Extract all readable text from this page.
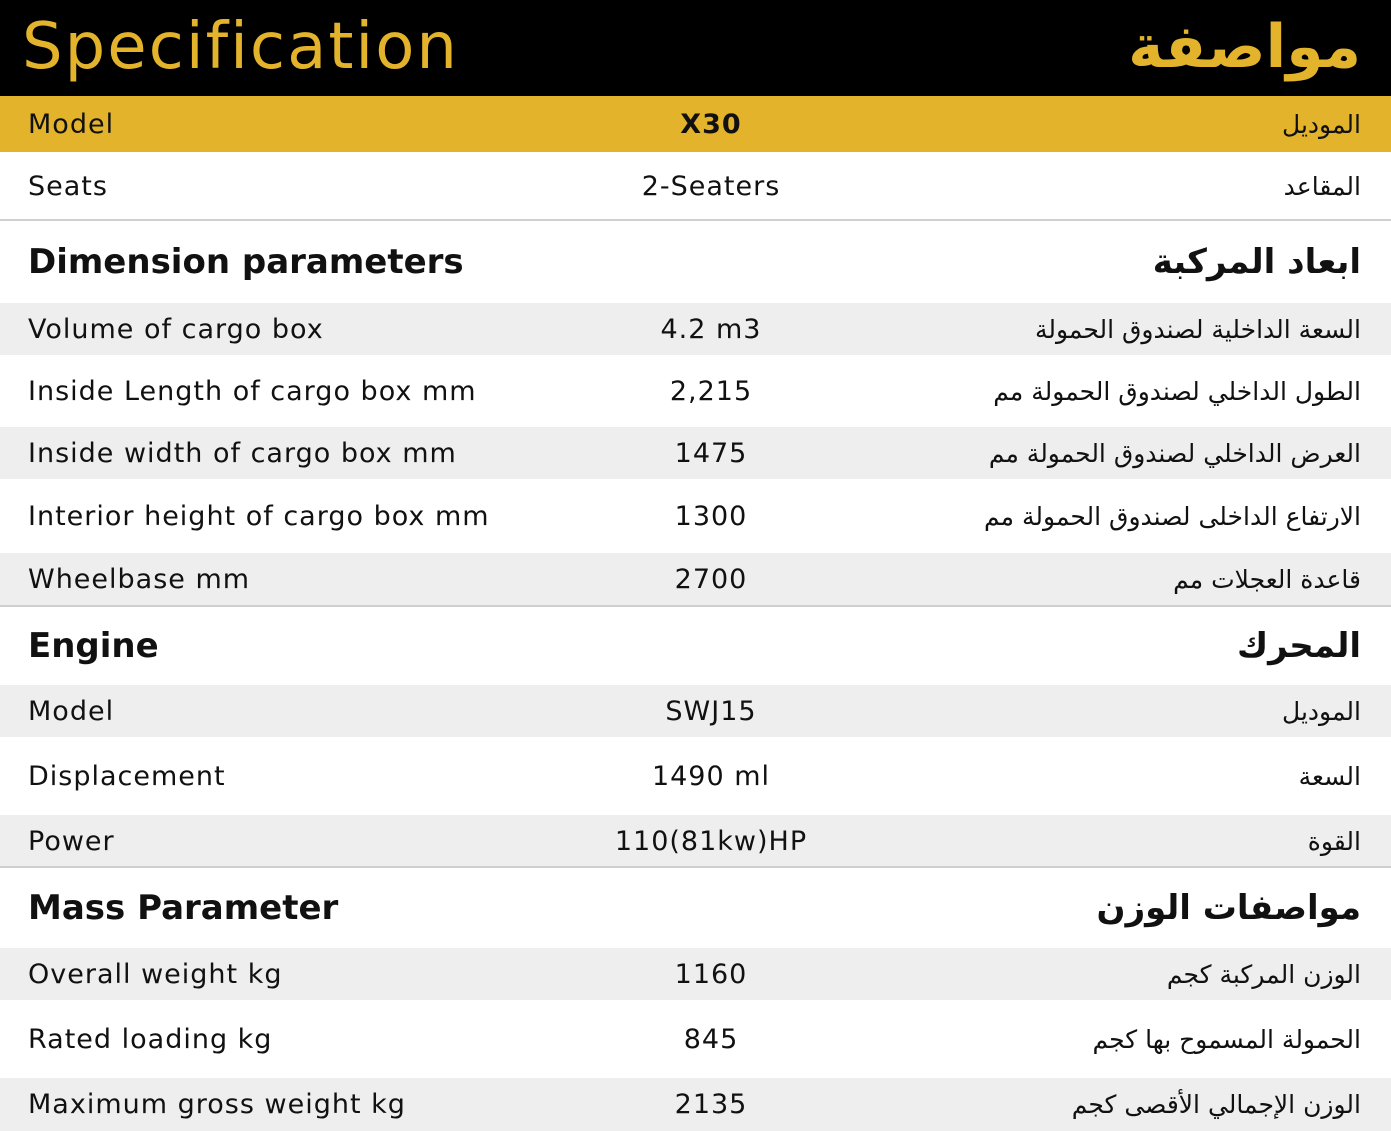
Specification	مواصفة
Model	X30	الموديل
Seats	2-Seaters	المقاعد
Dimension parameters	ابعاد المركبة
Volume of cargo box	4.2 m3	السعة الداخلية لصندوق الحمولة
Inside Length of cargo box mm	2,215	الطول الداخلي لصندوق الحمولة مم
Inside width of cargo box mm	1475	العرض الداخلي لصندوق الحمولة مم
Interior height of cargo box mm	1300	الارتفاع الداخلى لصندوق الحمولة مم
Wheelbase mm	2700	قاعدة العجلات مم
Engine	المحرك
Model	SWJ15	الموديل
Displacement	1490 ml	السعة
Power	110(81kw)HP	القوة
Mass Parameter	مواصفات الوزن
Overall weight kg	1160	الوزن المركبة كجم
Rated loading kg	845	الحمولة المسموح بها كجم
Maximum gross weight kg	2135	الوزن الإجمالي الأقصى كجم
